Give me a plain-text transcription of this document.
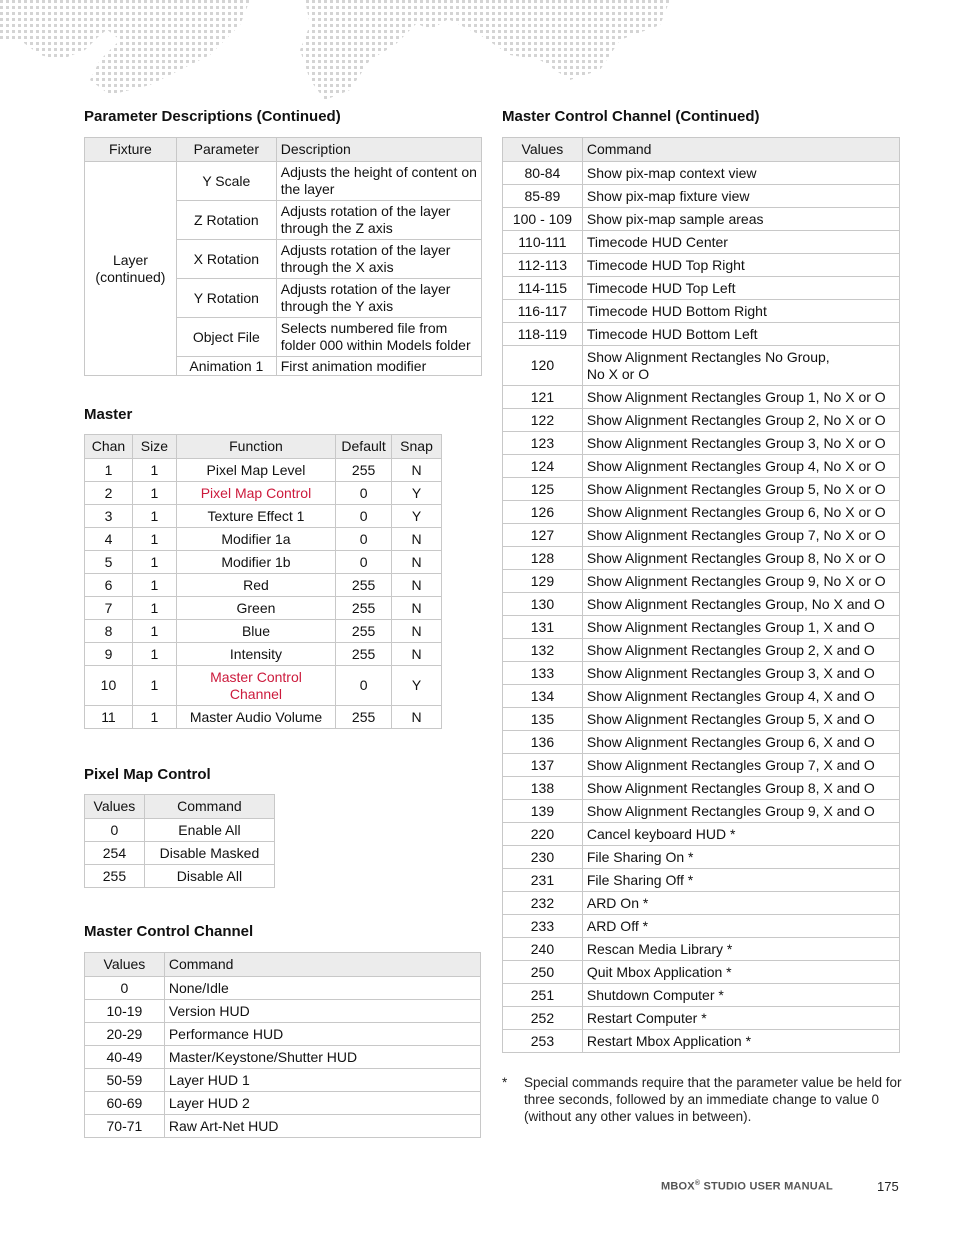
Parameter Descriptions (Continued)	Master Control Channel (Continued)
Fixture	Parameter	Description
Layer (continued)	Y Scale	Adjusts the height of content on the layer
	Z Rotation	Adjusts rotation of the layer through the Z axis
	X Rotation	Adjusts rotation of the layer through the X axis
	Y Rotation	Adjusts rotation of the layer through the Y axis
	Object File	Selects numbered file from folder 000 within Models folder
	Animation 1	First animation modifier
Master
Chan	Size	Function	Default	Snap
1	1	Pixel Map Level	255	N
2	1	Pixel Map Control	0	Y
3	1	Texture Effect 1	0	Y
4	1	Modifier 1a	0	N
5	1	Modifier 1b	0	N
6	1	Red	255	N
7	1	Green	255	N
8	1	Blue	255	N
9	1	Intensity	255	N
10	1	Master Control Channel	0	Y
11	1	Master Audio Volume	255	N
Pixel Map Control
Values	Command
0	Enable All
254	Disable Masked
255	Disable All
Master Control Channel
Values	Command
0	None/Idle
10-19	Version HUD
20-29	Performance HUD
40-49	Master/Keystone/Shutter HUD
50-59	Layer HUD 1
60-69	Layer HUD 2
70-71	Raw Art-Net HUD
Values	Command
80-84	Show pix-map context view
85-89	Show pix-map fixture view
100 - 109	Show pix-map sample areas
110-111	Timecode HUD Center
112-113	Timecode HUD Top Right
114-115	Timecode HUD Top Left
116-117	Timecode HUD Bottom Right
118-119	Timecode HUD Bottom Left
120	Show Alignment Rectangles No Group, No X or O
121	Show Alignment Rectangles Group 1, No X or O
122	Show Alignment Rectangles Group 2, No X or O
123	Show Alignment Rectangles Group 3, No X or O
124	Show Alignment Rectangles Group 4, No X or O
125	Show Alignment Rectangles Group 5, No X or O
126	Show Alignment Rectangles Group 6, No X or O
127	Show Alignment Rectangles Group 7, No X or O
128	Show Alignment Rectangles Group 8, No X or O
129	Show Alignment Rectangles Group 9, No X or O
130	Show Alignment Rectangles Group, No X and O
131	Show Alignment Rectangles Group 1, X and O
132	Show Alignment Rectangles Group 2, X and O
133	Show Alignment Rectangles Group 3, X and O
134	Show Alignment Rectangles Group 4, X and O
135	Show Alignment Rectangles Group 5, X and O
136	Show Alignment Rectangles Group 6, X and O
137	Show Alignment Rectangles Group 7, X and O
138	Show Alignment Rectangles Group 8, X and O
139	Show Alignment Rectangles Group 9, X and O
220	Cancel keyboard HUD *
230	File Sharing On *
231	File Sharing Off *
232	ARD On *
233	ARD Off *
240	Rescan Media Library *
250	Quit Mbox Application *
251	Shutdown Computer *
252	Restart Computer *
253	Restart Mbox Application *
* Special commands require that the parameter value be held for three seconds, followed by an immediate change to value 0 (without any other values in between).
MBOX® STUDIO USER MANUAL	175
